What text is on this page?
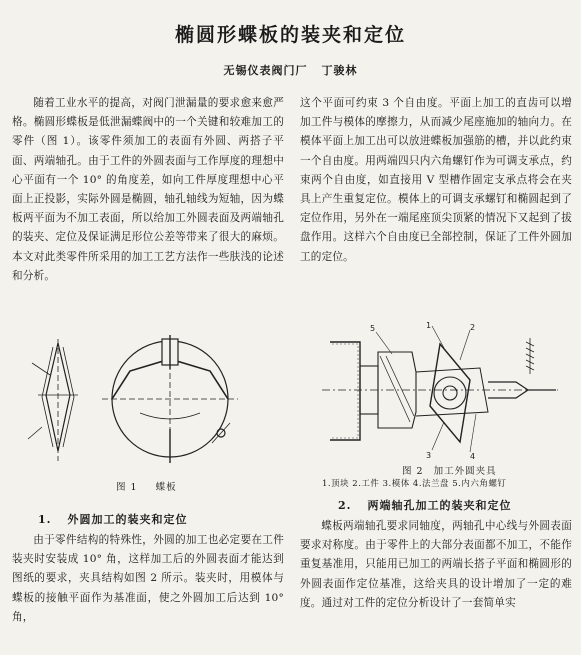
椭圆形蝶板的装夹和定位
无锡仪表阀门厂 丁骏林

随着工业水平的提高，对阀门泄漏量的要求愈来愈严格。椭圆形蝶板是低泄漏蝶阀中的一个关键和较难加工的零件（图 1）。该零件须加工的表面有外圆、两搭子平面、两端轴孔。由于工件的外圆表面与工作厚度的理想中心平面有一个 10° 的角度差，如向工件厚度理想中心平面上正投影，实际外圆是椭圆，轴孔轴线为短轴，因为蝶板两平面为不加工表面，所以给加工外圆表面及两端轴孔的装夹、定位及保证满足形位公差等带来了很大的麻烦。本文对此类零件所采用的加工工艺方法作一些肤浅的论述和分析。

这个平面可约束 3 个自由度。平面上加工的直齿可以增加工件与模体的摩擦力，从而减少尾座施加的轴向力。在模体平面上加工出可以放进蝶板加强筋的槽，并以此约束一个自由度。用两端四只内六角螺钉作为可调支承点，约束两个自由度，如直接用 V 型槽作固定支承点将会在夹具上产生重复定位。模体上的可调支承螺钉和椭圆起到了定位作用，另外在一端尾座顶尖顶紧的情况下又起到了拔盘作用。这样六个自由度已全部控制，保证了工件外圆加工的定位。

图 1 蝶板
5	1	2
3	4
图 2 加工外圆夹具
1.顶块 2.工件 3.模体 4.法兰盘 5.内六角螺钉
1. 外圆加工的装夹和定位

由于零件结构的特殊性，外圆的加工也必定要在工件装夹时安装成 10° 角，这样加工后的外圆表面才能达到图纸的要求，夹具结构如图 2 所示。装夹时，用模体与蝶板的接触平面作为基准面，使之外圆加工后达到 10° 角，

2. 两端轴孔加工的装夹和定位

蝶板两端轴孔要求同轴度，两轴孔中心线与外圆表面要求对称度。由于零件上的大部分表面都不加工，不能作重复基准用，只能用已加工的两端长搭子平面和椭圆形的外圆表面作定位基准，这给夹具的设计增加了一定的难度。通过对工件的定位分析设计了一套简单实
